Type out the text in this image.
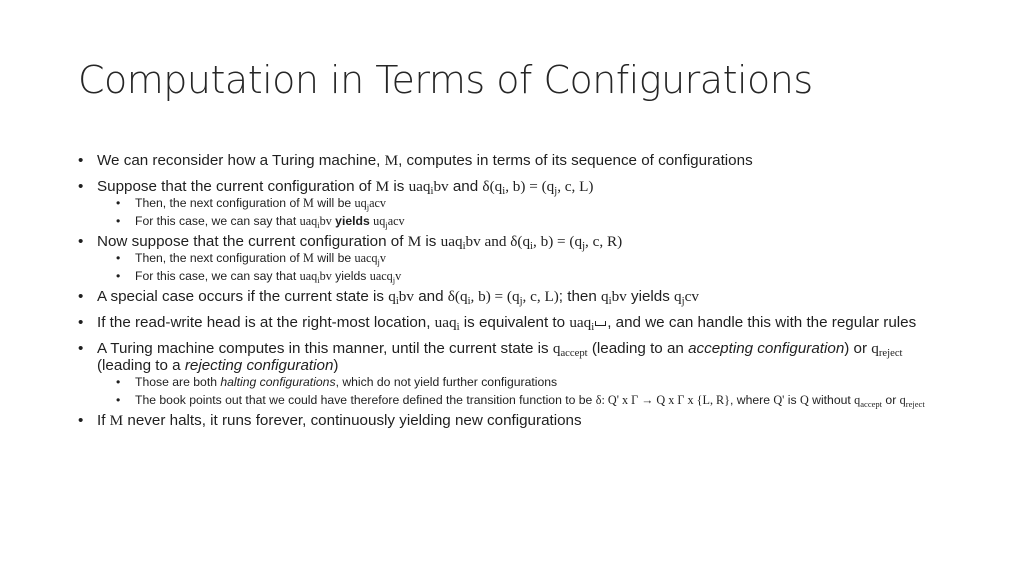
Computation in Terms of Configurations
• We can reconsider how a Turing machine, M, computes in terms of its sequence of configurations
• Suppose that the current configuration of M is uaq$_i$bv and $\delta(q_i$, $b) = (q_j$, c, L)
• Then, the next configuration of M will be $uq_jacv$
• For this case, we can say that uaq$_i$bv yields $uq_jacv$
• Now suppose that the current configuration of M is uaq$_i$bv and $\delta(q_i$, $b) = (q_j$, c, R)
• Then, the next configuration of M will be uacq$_j$v
• For this case, we can say that uaq$_i$bv yields uacq$_j$v
• A special case occurs if the current state is $q_ibv$ and $\delta(q_i$, $b) = (q_j$, c, L); then $q_ibv$ yields $q_jcv$
• If the read-write head is at the right-most location, uaq$_i$ is equivalent to uaq$_i$ , and we can handle this with the regular rules
• A Turing machine computes in this manner, until the current state is $q_{accept}$ (leading to an accepting configuration) or $q_{reject}$ (leading to a rejecting configuration)
• Those are both halting configurations, which do not yield further configurations
• The book points out that we could have therefore defined the transition function to be δ: Q' x Γ → Q x Γ x {L, R}, where Q' is Q without $q_{accept}$ or $q_{reject}$
• If M never halts, it runs forever, continuously yielding new configurations
